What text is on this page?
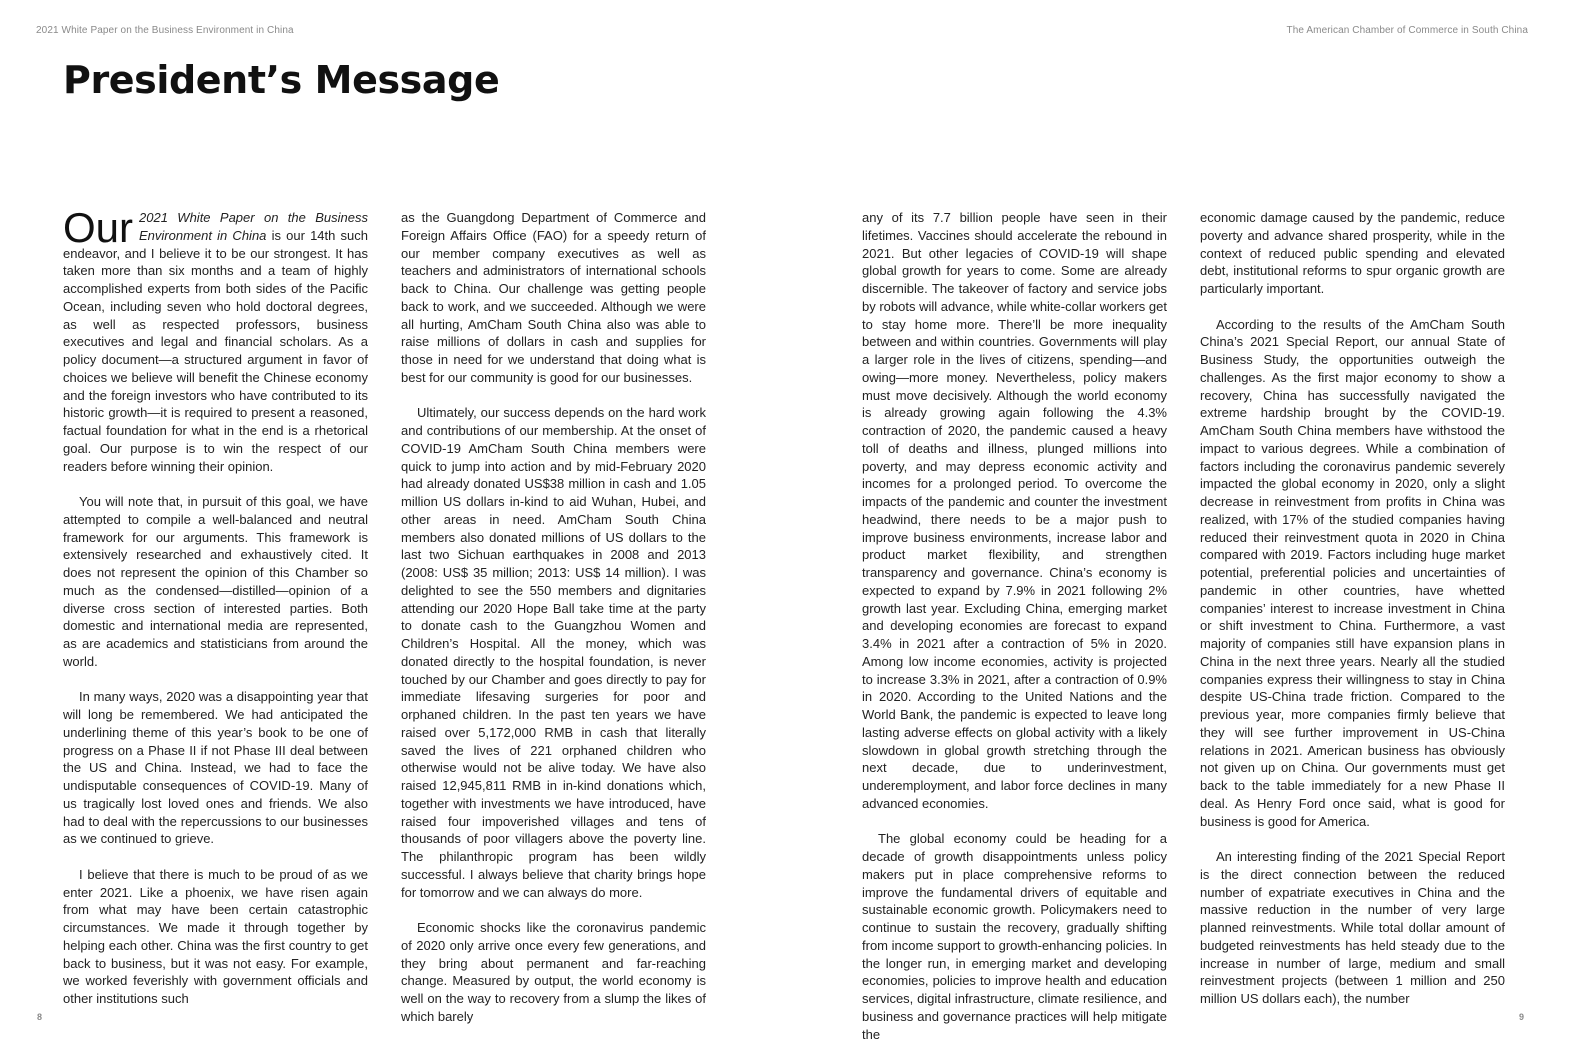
2021 White Paper on the Business Environment in China	The American Chamber of Commerce in South China
President’s Message

Our 2021 White Paper on the Business Environment in China is our 14th such endeavor, and I believe it to be our strongest. It has taken more than six months and a team of highly accomplished experts from both sides of the Pacific Ocean, including seven who hold doctoral degrees, as well as respected professors, business executives and legal and financial scholars. As a policy document—a structured argument in favor of choices we believe will benefit the Chinese economy and the foreign investors who have contributed to its historic growth—it is required to present a reasoned, factual foundation for what in the end is a rhetorical goal. Our purpose is to win the respect of our readers before winning their opinion.

You will note that, in pursuit of this goal, we have attempted to compile a well-balanced and neutral framework for our arguments. This framework is extensively researched and exhaustively cited. It does not represent the opinion of this Chamber so much as the condensed—distilled—opinion of a diverse cross section of interested parties. Both domestic and international media are represented, as are academics and statisticians from around the world.

In many ways, 2020 was a disappointing year that will long be remembered. We had anticipated the underlining theme of this year’s book to be one of progress on a Phase II if not Phase III deal between the US and China. Instead, we had to face the undisputable consequences of COVID-19. Many of us tragically lost loved ones and friends. We also had to deal with the repercussions to our businesses as we continued to grieve.

I believe that there is much to be proud of as we enter 2021. Like a phoenix, we have risen again from what may have been certain catastrophic circumstances. We made it through together by helping each other. China was the first country to get back to business, but it was not easy. For example, we worked feverishly with government officials and other institutions such

as the Guangdong Department of Commerce and Foreign Affairs Office (FAO) for a speedy return of our member company executives as well as teachers and administrators of international schools back to China. Our challenge was getting people back to work, and we succeeded. Although we were all hurting, AmCham South China also was able to raise millions of dollars in cash and supplies for those in need for we understand that doing what is best for our community is good for our businesses.

Ultimately, our success depends on the hard work and contributions of our membership. At the onset of COVID-19 AmCham South China members were quick to jump into action and by mid-February 2020 had already donated US$38 million in cash and 1.05 million US dollars in-kind to aid Wuhan, Hubei, and other areas in need. AmCham South China members also donated millions of US dollars to the last two Sichuan earthquakes in 2008 and 2013 (2008: US$ 35 million; 2013: US$ 14 million). I was delighted to see the 550 members and dignitaries attending our 2020 Hope Ball take time at the party to donate cash to the Guangzhou Women and Children’s Hospital. All the money, which was donated directly to the hospital foundation, is never touched by our Chamber and goes directly to pay for immediate lifesaving surgeries for poor and orphaned children. In the past ten years we have raised over 5,172,000 RMB in cash that literally saved the lives of 221 orphaned children who otherwise would not be alive today. We have also raised 12,945,811 RMB in in-kind donations which, together with investments we have introduced, have raised four impoverished villages and tens of thousands of poor villagers above the poverty line. The philanthropic program has been wildly successful. I always believe that charity brings hope for tomorrow and we can always do more.

Economic shocks like the coronavirus pandemic of 2020 only arrive once every few generations, and they bring about permanent and far-reaching change. Measured by output, the world economy is well on the way to recovery from a slump the likes of which barely

any of its 7.7 billion people have seen in their lifetimes. Vaccines should accelerate the rebound in 2021. But other legacies of COVID-19 will shape global growth for years to come. Some are already discernible. The takeover of factory and service jobs by robots will advance, while white-collar workers get to stay home more. There’ll be more inequality between and within countries. Governments will play a larger role in the lives of citizens, spending—and owing—more money. Nevertheless, policy makers must move decisively. Although the world economy is already growing again following the 4.3% contraction of 2020, the pandemic caused a heavy toll of deaths and illness, plunged millions into poverty, and may depress economic activity and incomes for a prolonged period. To overcome the impacts of the pandemic and counter the investment headwind, there needs to be a major push to improve business environments, increase labor and product market flexibility, and strengthen transparency and governance. China’s economy is expected to expand by 7.9% in 2021 following 2% growth last year. Excluding China, emerging market and developing economies are forecast to expand 3.4% in 2021 after a contraction of 5% in 2020. Among low income economies, activity is projected to increase 3.3% in 2021, after a contraction of 0.9% in 2020. According to the United Nations and the World Bank, the pandemic is expected to leave long lasting adverse effects on global activity with a likely slowdown in global growth stretching through the next decade, due to underinvestment, underemployment, and labor force declines in many advanced economies.

The global economy could be heading for a decade of growth disappointments unless policy makers put in place comprehensive reforms to improve the fundamental drivers of equitable and sustainable economic growth. Policymakers need to continue to sustain the recovery, gradually shifting from income support to growth-enhancing policies. In the longer run, in emerging market and developing economies, policies to improve health and education services, digital infrastructure, climate resilience, and business and governance practices will help mitigate the

economic damage caused by the pandemic, reduce poverty and advance shared prosperity, while in the context of reduced public spending and elevated debt, institutional reforms to spur organic growth are particularly important.

According to the results of the AmCham South China’s 2021 Special Report, our annual State of Business Study, the opportunities outweigh the challenges. As the first major economy to show a recovery, China has successfully navigated the extreme hardship brought by the COVID-19. AmCham South China members have withstood the impact to various degrees. While a combination of factors including the coronavirus pandemic severely impacted the global economy in 2020, only a slight decrease in reinvestment from profits in China was realized, with 17% of the studied companies having reduced their reinvestment quota in 2020 in China compared with 2019. Factors including huge market potential, preferential policies and uncertainties of pandemic in other countries, have whetted companies’ interest to increase investment in China or shift investment to China. Furthermore, a vast majority of companies still have expansion plans in China in the next three years. Nearly all the studied companies express their willingness to stay in China despite US-China trade friction. Compared to the previous year, more companies firmly believe that they will see further improvement in US-China relations in 2021. American business has obviously not given up on China. Our governments must get back to the table immediately for a new Phase II deal. As Henry Ford once said, what is good for business is good for America.

An interesting finding of the 2021 Special Report is the direct connection between the reduced number of expatriate executives in China and the massive reduction in the number of very large planned reinvestments. While total dollar amount of budgeted reinvestments has held steady due to the increase in number of large, medium and small reinvestment projects (between 1 million and 250 million US dollars each), the number

8	9
